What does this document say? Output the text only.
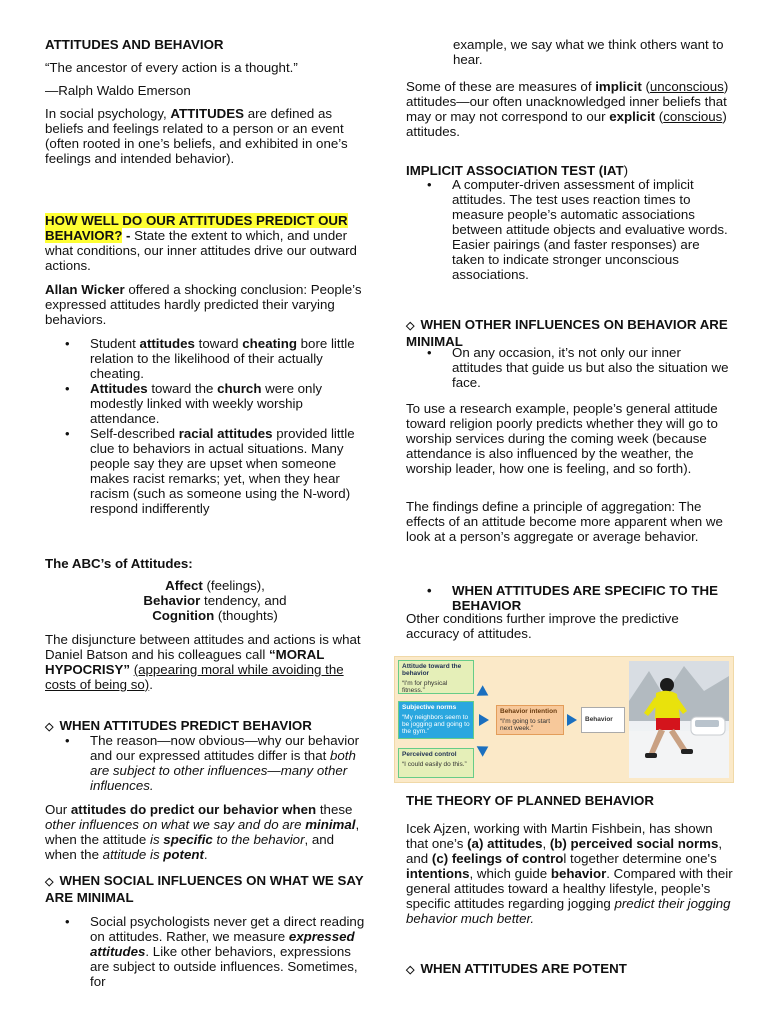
ATTITUDES AND BEHAVIOR

“The ancestor of every action is a thought.”

—Ralph Waldo Emerson

In social psychology, ATTITUDES are defined as beliefs and feelings related to a person or an event (often rooted in one’s beliefs, and exhibited in one’s feelings and intended behavior).

HOW WELL DO OUR ATTITUDES PREDICT OUR BEHAVIOR? - State the extent to which, and under what conditions, our inner attitudes drive our outward actions.

Allan Wicker offered a shocking conclusion: People’s expressed attitudes hardly predicted their varying behaviors.

• Student attitudes toward cheating bore little relation to the likelihood of their actually cheating.
• Attitudes toward the church were only modestly linked with weekly worship attendance.
• Self-described racial attitudes provided little clue to behaviors in actual situations. Many people say they are upset when someone makes racist remarks; yet, when they hear racism (such as someone using the N-word) respond indifferently

The ABC’s of Attitudes:

Affect (feelings),

Behavior tendency, and

Cognition (thoughts)

The disjuncture between attitudes and actions is what Daniel Batson and his colleagues call “MORAL HYPOCRISY” (appearing moral while avoiding the costs of being so).

◇ WHEN ATTITUDES PREDICT BEHAVIOR

• The reason—now obvious—why our behavior and our expressed attitudes differ is that both are subject to other influences—many other influences.

Our attitudes do predict our behavior when these other influences on what we say and do are minimal, when the attitude is specific to the behavior, and when the attitude is potent.

◇ WHEN SOCIAL INFLUENCES ON WHAT WE SAY ARE MINIMAL

• Social psychologists never get a direct reading on attitudes. Rather, we measure expressed attitudes. Like other behaviors, expressions are subject to outside influences. Sometimes, for

example, we say what we think others want to hear.

Some of these are measures of implicit (unconscious) attitudes—our often unacknowledged inner beliefs that may or may not correspond to our explicit (conscious) attitudes.

IMPLICIT ASSOCIATION TEST (IAT)

• A computer-driven assessment of implicit attitudes. The test uses reaction times to measure people’s automatic associations between attitude objects and evaluative words. Easier pairings (and faster responses) are taken to indicate stronger unconscious associations.

◇ WHEN OTHER INFLUENCES ON BEHAVIOR ARE MINIMAL

• On any occasion, it’s not only our inner attitudes that guide us but also the situation we face.

To use a research example, people’s general attitude toward religion poorly predicts whether they will go to worship services during the coming week (because attendance is also influenced by the weather, the worship leader, how one is feeling, and so forth).

The findings define a principle of aggregation: The effects of an attitude become more apparent when we look at a person’s aggregate or average behavior.

• WHEN ATTITUDES ARE SPECIFIC TO THE BEHAVIOR

Other conditions further improve the predictive accuracy of attitudes.

Attitude toward the behavior
“I'm for physical fitness.”
Subjective norms
“My neighbors seem to be jogging and going to the gym.”
Perceived control
“I could easily do this.”
Behavior intention
“I'm going to start next week.”
Behavior

THE THEORY OF PLANNED BEHAVIOR

Icek Ajzen, working with Martin Fishbein, has shown that one’s (a) attitudes, (b) perceived social norms, and (c) feelings of control together determine one's intentions, which guide behavior. Compared with their general attitudes toward a healthy lifestyle, people’s specific attitudes regarding jogging predict their jogging behavior much better.

◇ WHEN ATTITUDES ARE POTENT
